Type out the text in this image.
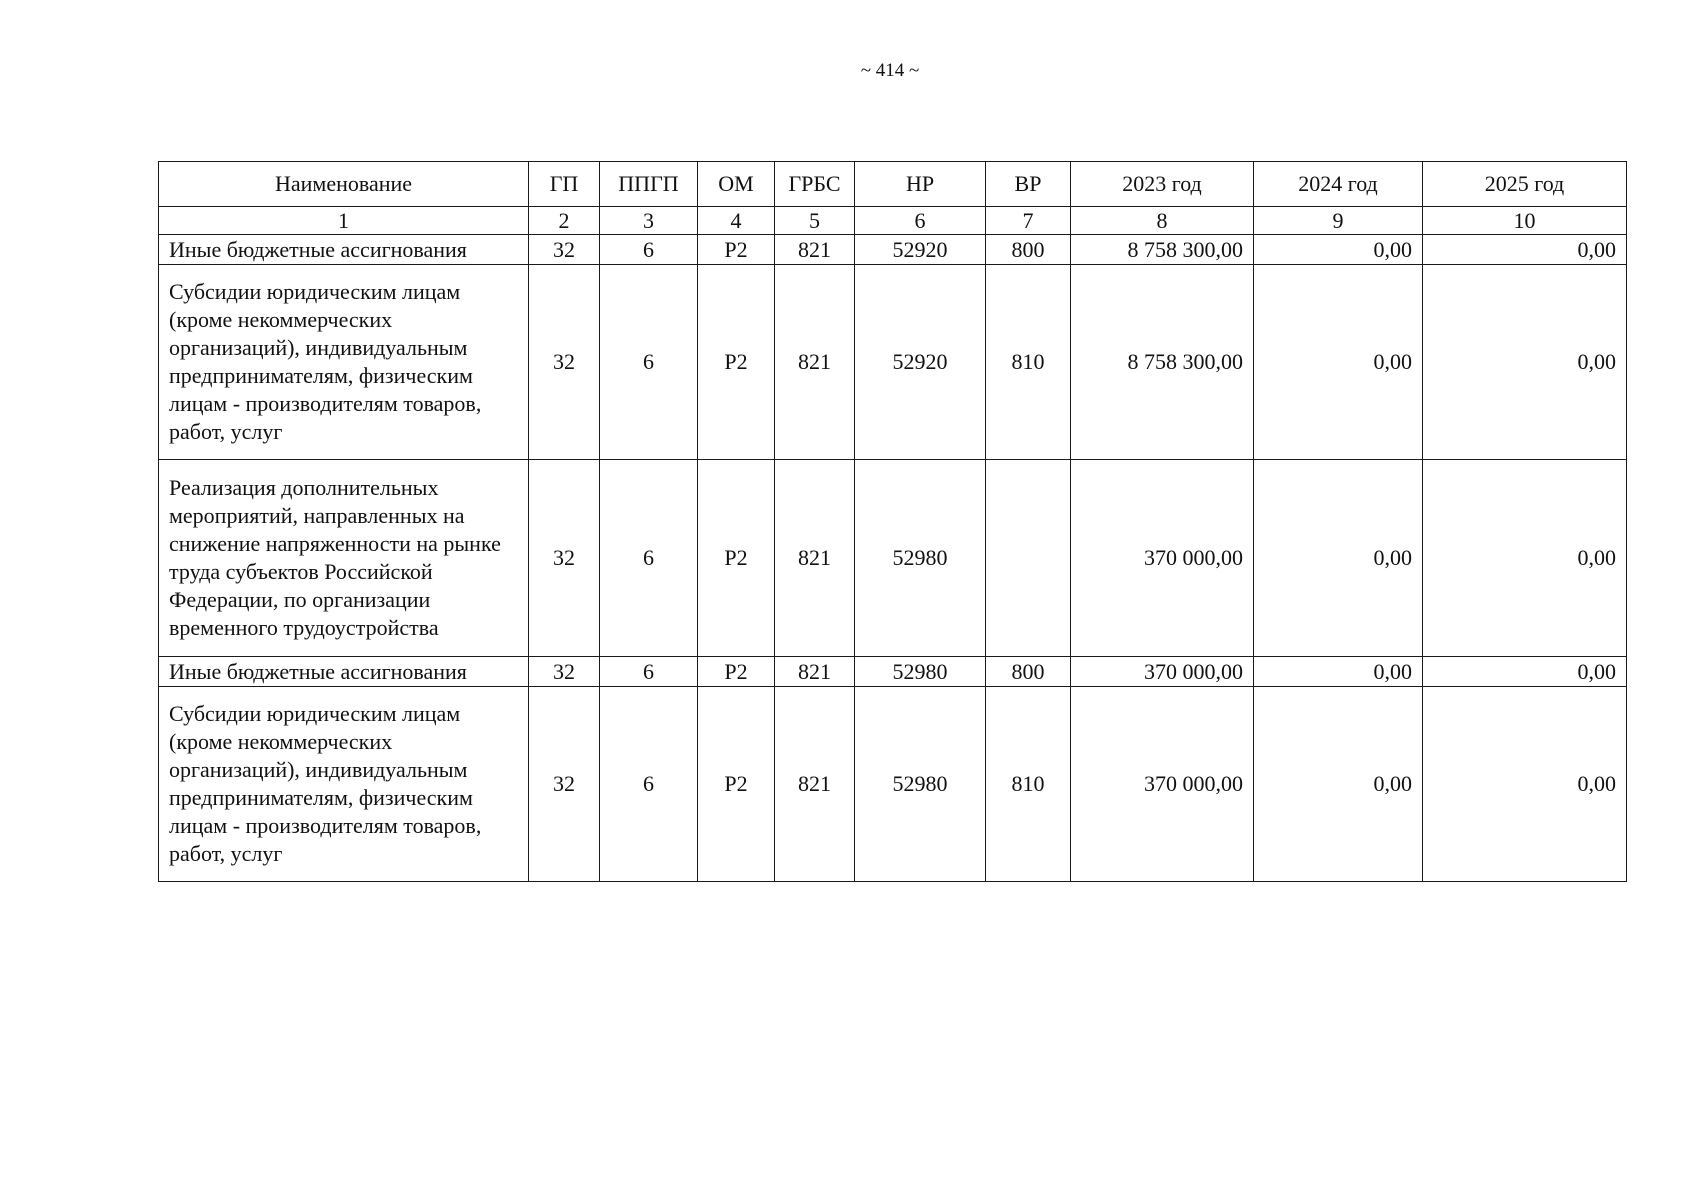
~ 414 ~
Наименование	ГП	ППГП	ОМ	ГРБС	НР	ВР	2023 год	2024 год	2025 год
1	2	3	4	5	6	7	8	9	10
Иные бюджетные ассигнования	32	6	Р2	821	52920	800	8 758 300,00	0,00	0,00
Субсидии юридическим лицам (кроме некоммерческих организаций), индивидуальным предпринимателям, физическим лицам - производителям товаров, работ, услуг	32	6	Р2	821	52920	810	8 758 300,00	0,00	0,00
Реализация дополнительных мероприятий, направленных на снижение напряженности на рынке труда субъектов Российской Федерации, по организации временного трудоустройства	32	6	Р2	821	52980		370 000,00	0,00	0,00
Иные бюджетные ассигнования	32	6	Р2	821	52980	800	370 000,00	0,00	0,00
Субсидии юридическим лицам (кроме некоммерческих организаций), индивидуальным предпринимателям, физическим лицам - производителям товаров, работ, услуг	32	6	Р2	821	52980	810	370 000,00	0,00	0,00
